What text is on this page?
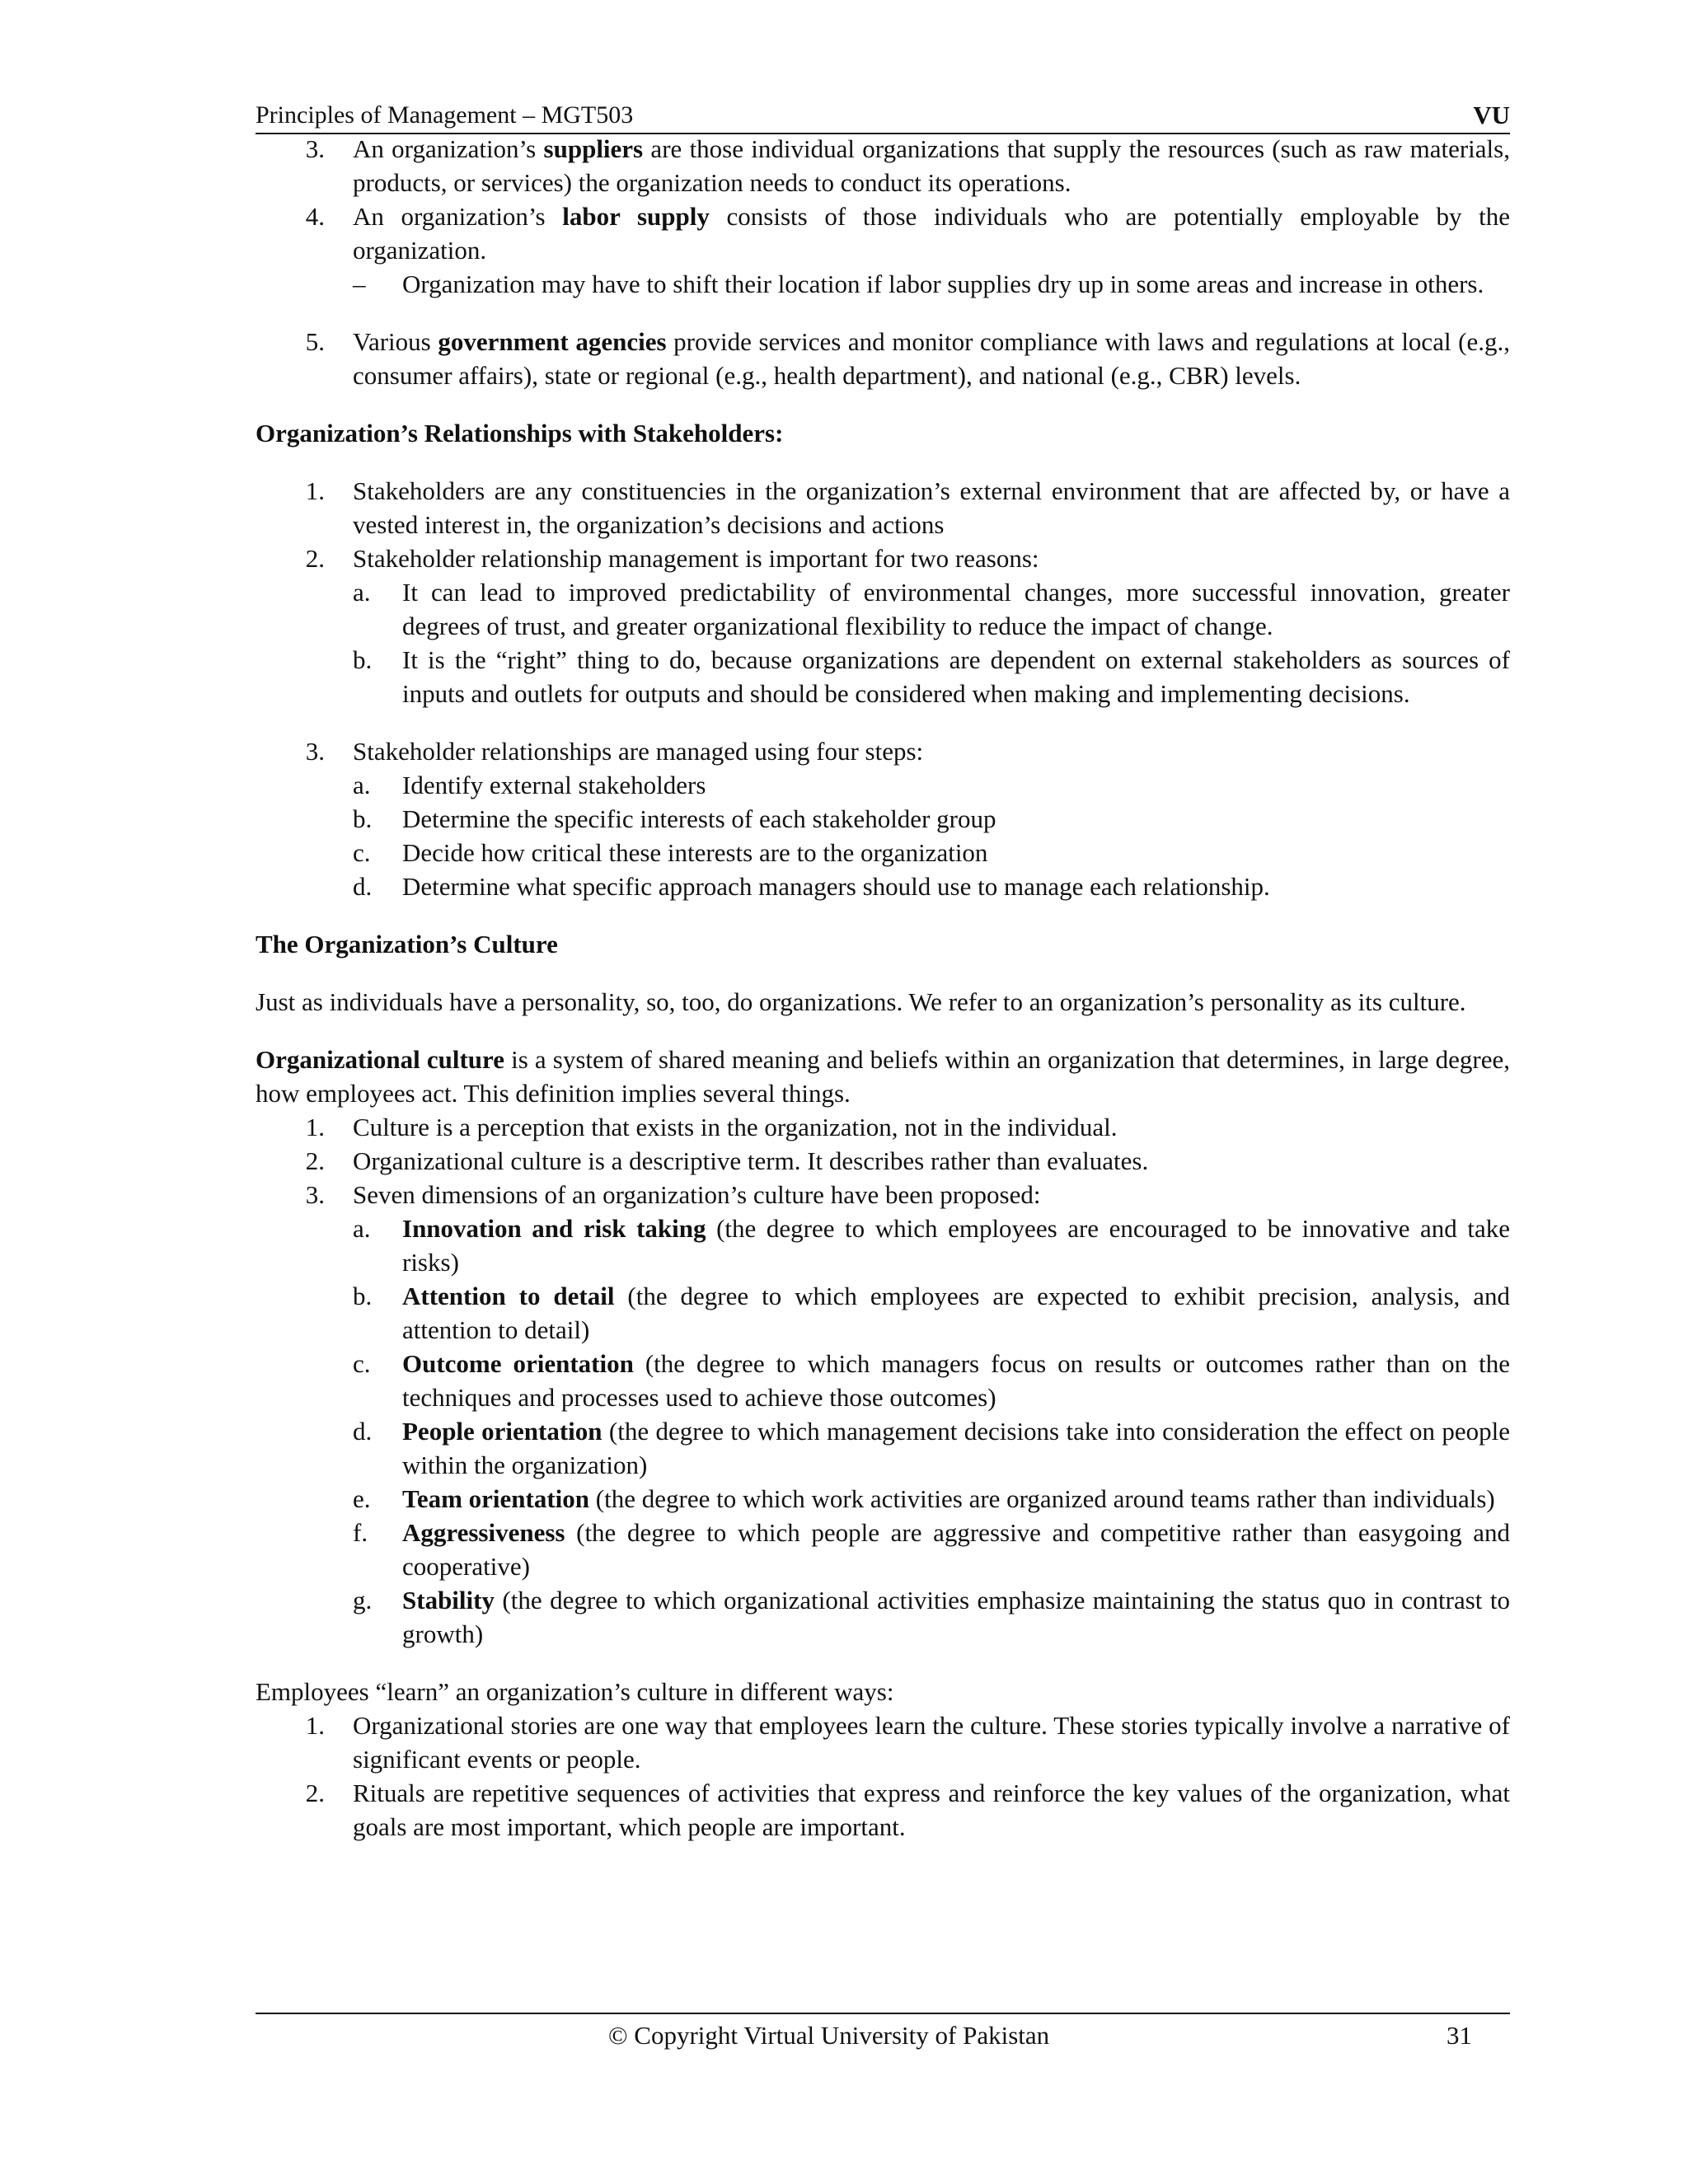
Principles of Management – MGT503	VU
3. An organization’s suppliers are those individual organizations that supply the resources (such as raw materials, products, or services) the organization needs to conduct its operations.
4. An organization’s labor supply consists of those individuals who are potentially employable by the organization.
–	Organization may have to shift their location if labor supplies dry up in some areas and increase in others.
5. Various government agencies provide services and monitor compliance with laws and regulations at local (e.g., consumer affairs), state or regional (e.g., health department), and national (e.g., CBR) levels.
Organization’s Relationships with Stakeholders:
1. Stakeholders are any constituencies in the organization’s external environment that are affected by, or have a vested interest in, the organization’s decisions and actions
2. Stakeholder relationship management is important for two reasons:
a. It can lead to improved predictability of environmental changes, more successful innovation, greater degrees of trust, and greater organizational flexibility to reduce the impact of change.
b. It is the “right” thing to do, because organizations are dependent on external stakeholders as sources of inputs and outlets for outputs and should be considered when making and implementing decisions.
3. Stakeholder relationships are managed using four steps:
a. Identify external stakeholders
b. Determine the specific interests of each stakeholder group
c. Decide how critical these interests are to the organization
d. Determine what specific approach managers should use to manage each relationship.
The Organization’s Culture
Just as individuals have a personality, so, too, do organizations. We refer to an organization’s personality as its culture.
Organizational culture is a system of shared meaning and beliefs within an organization that determines, in large degree, how employees act. This definition implies several things.
1. Culture is a perception that exists in the organization, not in the individual.
2. Organizational culture is a descriptive term. It describes rather than evaluates.
3. Seven dimensions of an organization’s culture have been proposed:
a. Innovation and risk taking (the degree to which employees are encouraged to be innovative and take risks)
b. Attention to detail (the degree to which employees are expected to exhibit precision, analysis, and attention to detail)
c. Outcome orientation (the degree to which managers focus on results or outcomes rather than on the techniques and processes used to achieve those outcomes)
d. People orientation (the degree to which management decisions take into consideration the effect on people within the organization)
e. Team orientation (the degree to which work activities are organized around teams rather than individuals)
f.	Aggressiveness (the degree to which people are aggressive and competitive rather than easygoing and cooperative)
g. Stability (the degree to which organizational activities emphasize maintaining the status quo in contrast to growth)
Employees “learn” an organization’s culture in different ways:
1. Organizational stories are one way that employees learn the culture. These stories typically involve a narrative of significant events or people.
2. Rituals are repetitive sequences of activities that express and reinforce the key values of the organization, what goals are most important, which people are important.
© Copyright Virtual University of Pakistan	31
